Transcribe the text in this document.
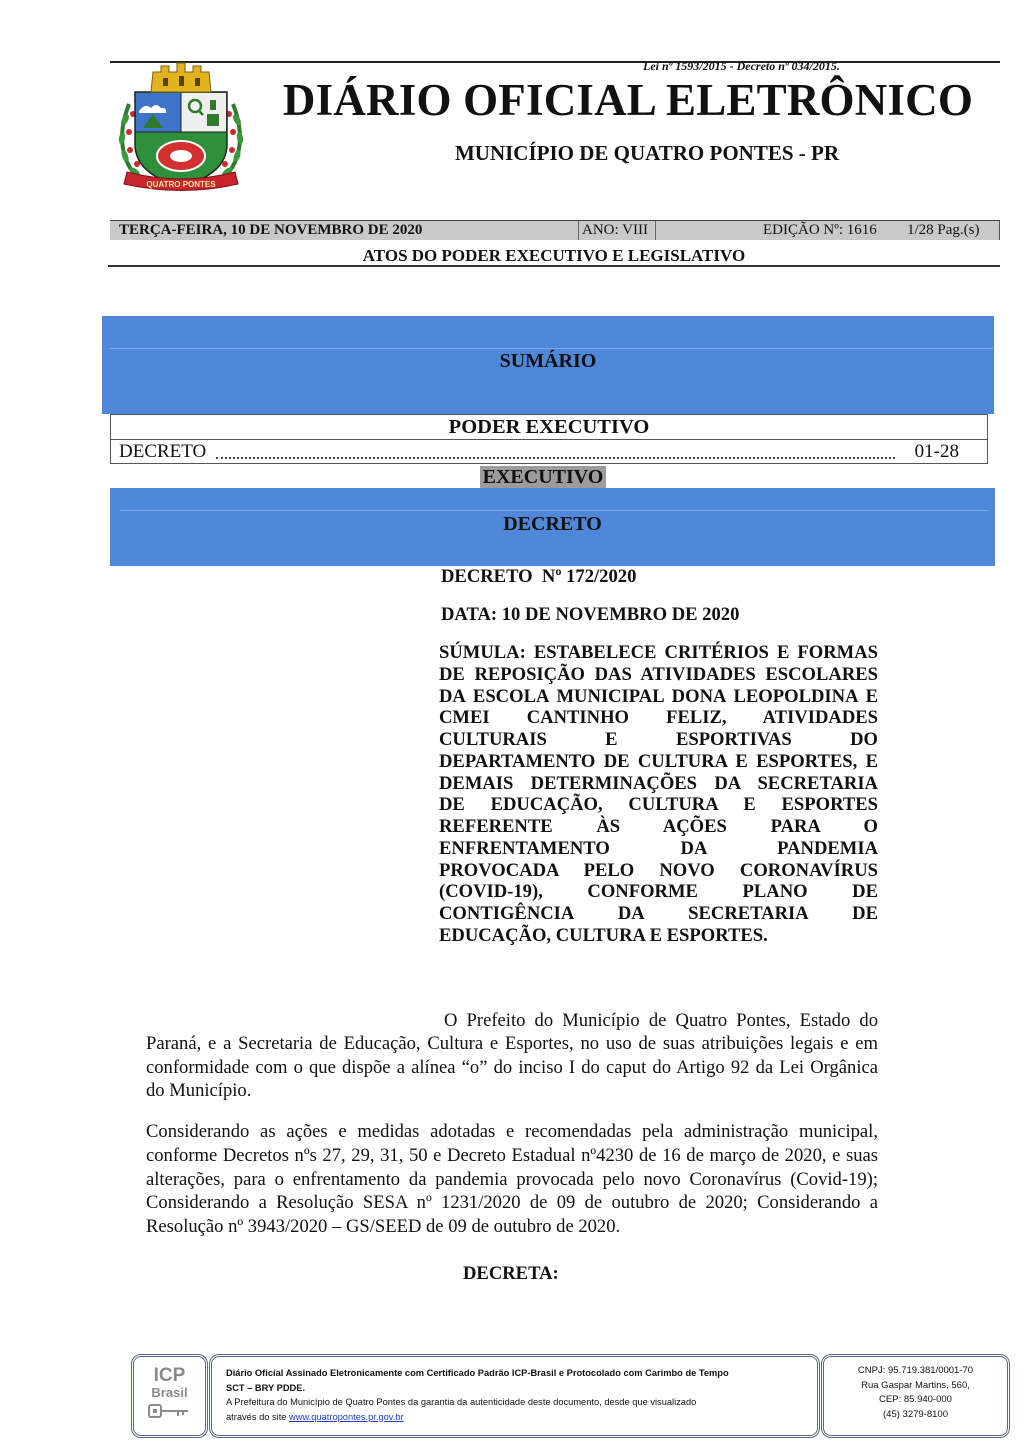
Lei nº 1593/2015 - Decreto nº 034/2015.
QUATRO PONTES
DIÁRIO OFICIAL ELETRÔNICO
MUNICÍPIO DE QUATRO PONTES - PR
TERÇA-FEIRA, 10 DE NOVEMBRO DE 2020	ANO: VIII	EDIÇÃO Nº: 1616 1/28 Pag.(s)
ATOS DO PODER EXECUTIVO E LEGISLATIVO
SUMÁRIO
PODER EXECUTIVO
DECRETO	01-28
EXECUTIVO
DECRETO
DECRETO  Nº 172/2020
DATA: 10 DE NOVEMBRO DE 2020
SÚMULA: ESTABELECE CRITÉRIOS E FORMAS
DE REPOSIÇÃO DAS ATIVIDADES ESCOLARES
DA ESCOLA MUNICIPAL DONA LEOPOLDINA E
CMEI CANTINHO FELIZ, ATIVIDADES
CULTURAIS E ESPORTIVAS DO
DEPARTAMENTO DE CULTURA E ESPORTES, E
DEMAIS DETERMINAÇÕES DA SECRETARIA
DE EDUCAÇÃO, CULTURA E ESPORTES
REFERENTE ÀS AÇÕES PARA O
ENFRENTAMENTO DA PANDEMIA
PROVOCADA PELO NOVO CORONAVÍRUS
(COVID-19), CONFORME PLANO DE
CONTIGÊNCIA DA SECRETARIA DE
EDUCAÇÃO, CULTURA E ESPORTES.
O Prefeito do Município de Quatro Pontes, Estado do
Paraná, e a Secretaria de Educação, Cultura e Esportes, no uso de suas atribuições legais e em
conformidade com o que dispõe a alínea “o” do inciso I do caput do Artigo 92 da Lei Orgânica
do Município.
Considerando as ações e medidas adotadas e recomendadas pela administração municipal,
conforme Decretos nºs 27, 29, 31, 50 e Decreto Estadual nº4230 de 16 de março de 2020, e suas
alterações, para o enfrentamento da pandemia provocada pelo novo Coronavírus (Covid-19);
Considerando a Resolução SESA nº 1231/2020 de 09 de outubro de 2020; Considerando a
Resolução nº 3943/2020 – GS/SEED de 09 de outubro de 2020.
DECRETA:
ICP
Brasil
Diário Oficial Assinado Eletronicamente com Certificado Padrão ICP-Brasil e Protocolado com Carimbo de Tempo
SCT – BRY PDDE.
A Prefeitura do Município de Quatro Pontes da garantia da autenticidade deste documento, desde que visualizado
através do site www.quatropontes.pr.gov.br
CNPJ: 95.719.381/0001-70
Rua Gaspar Martins, 560,
CEP: 85.940-000
(45) 3279-8100
